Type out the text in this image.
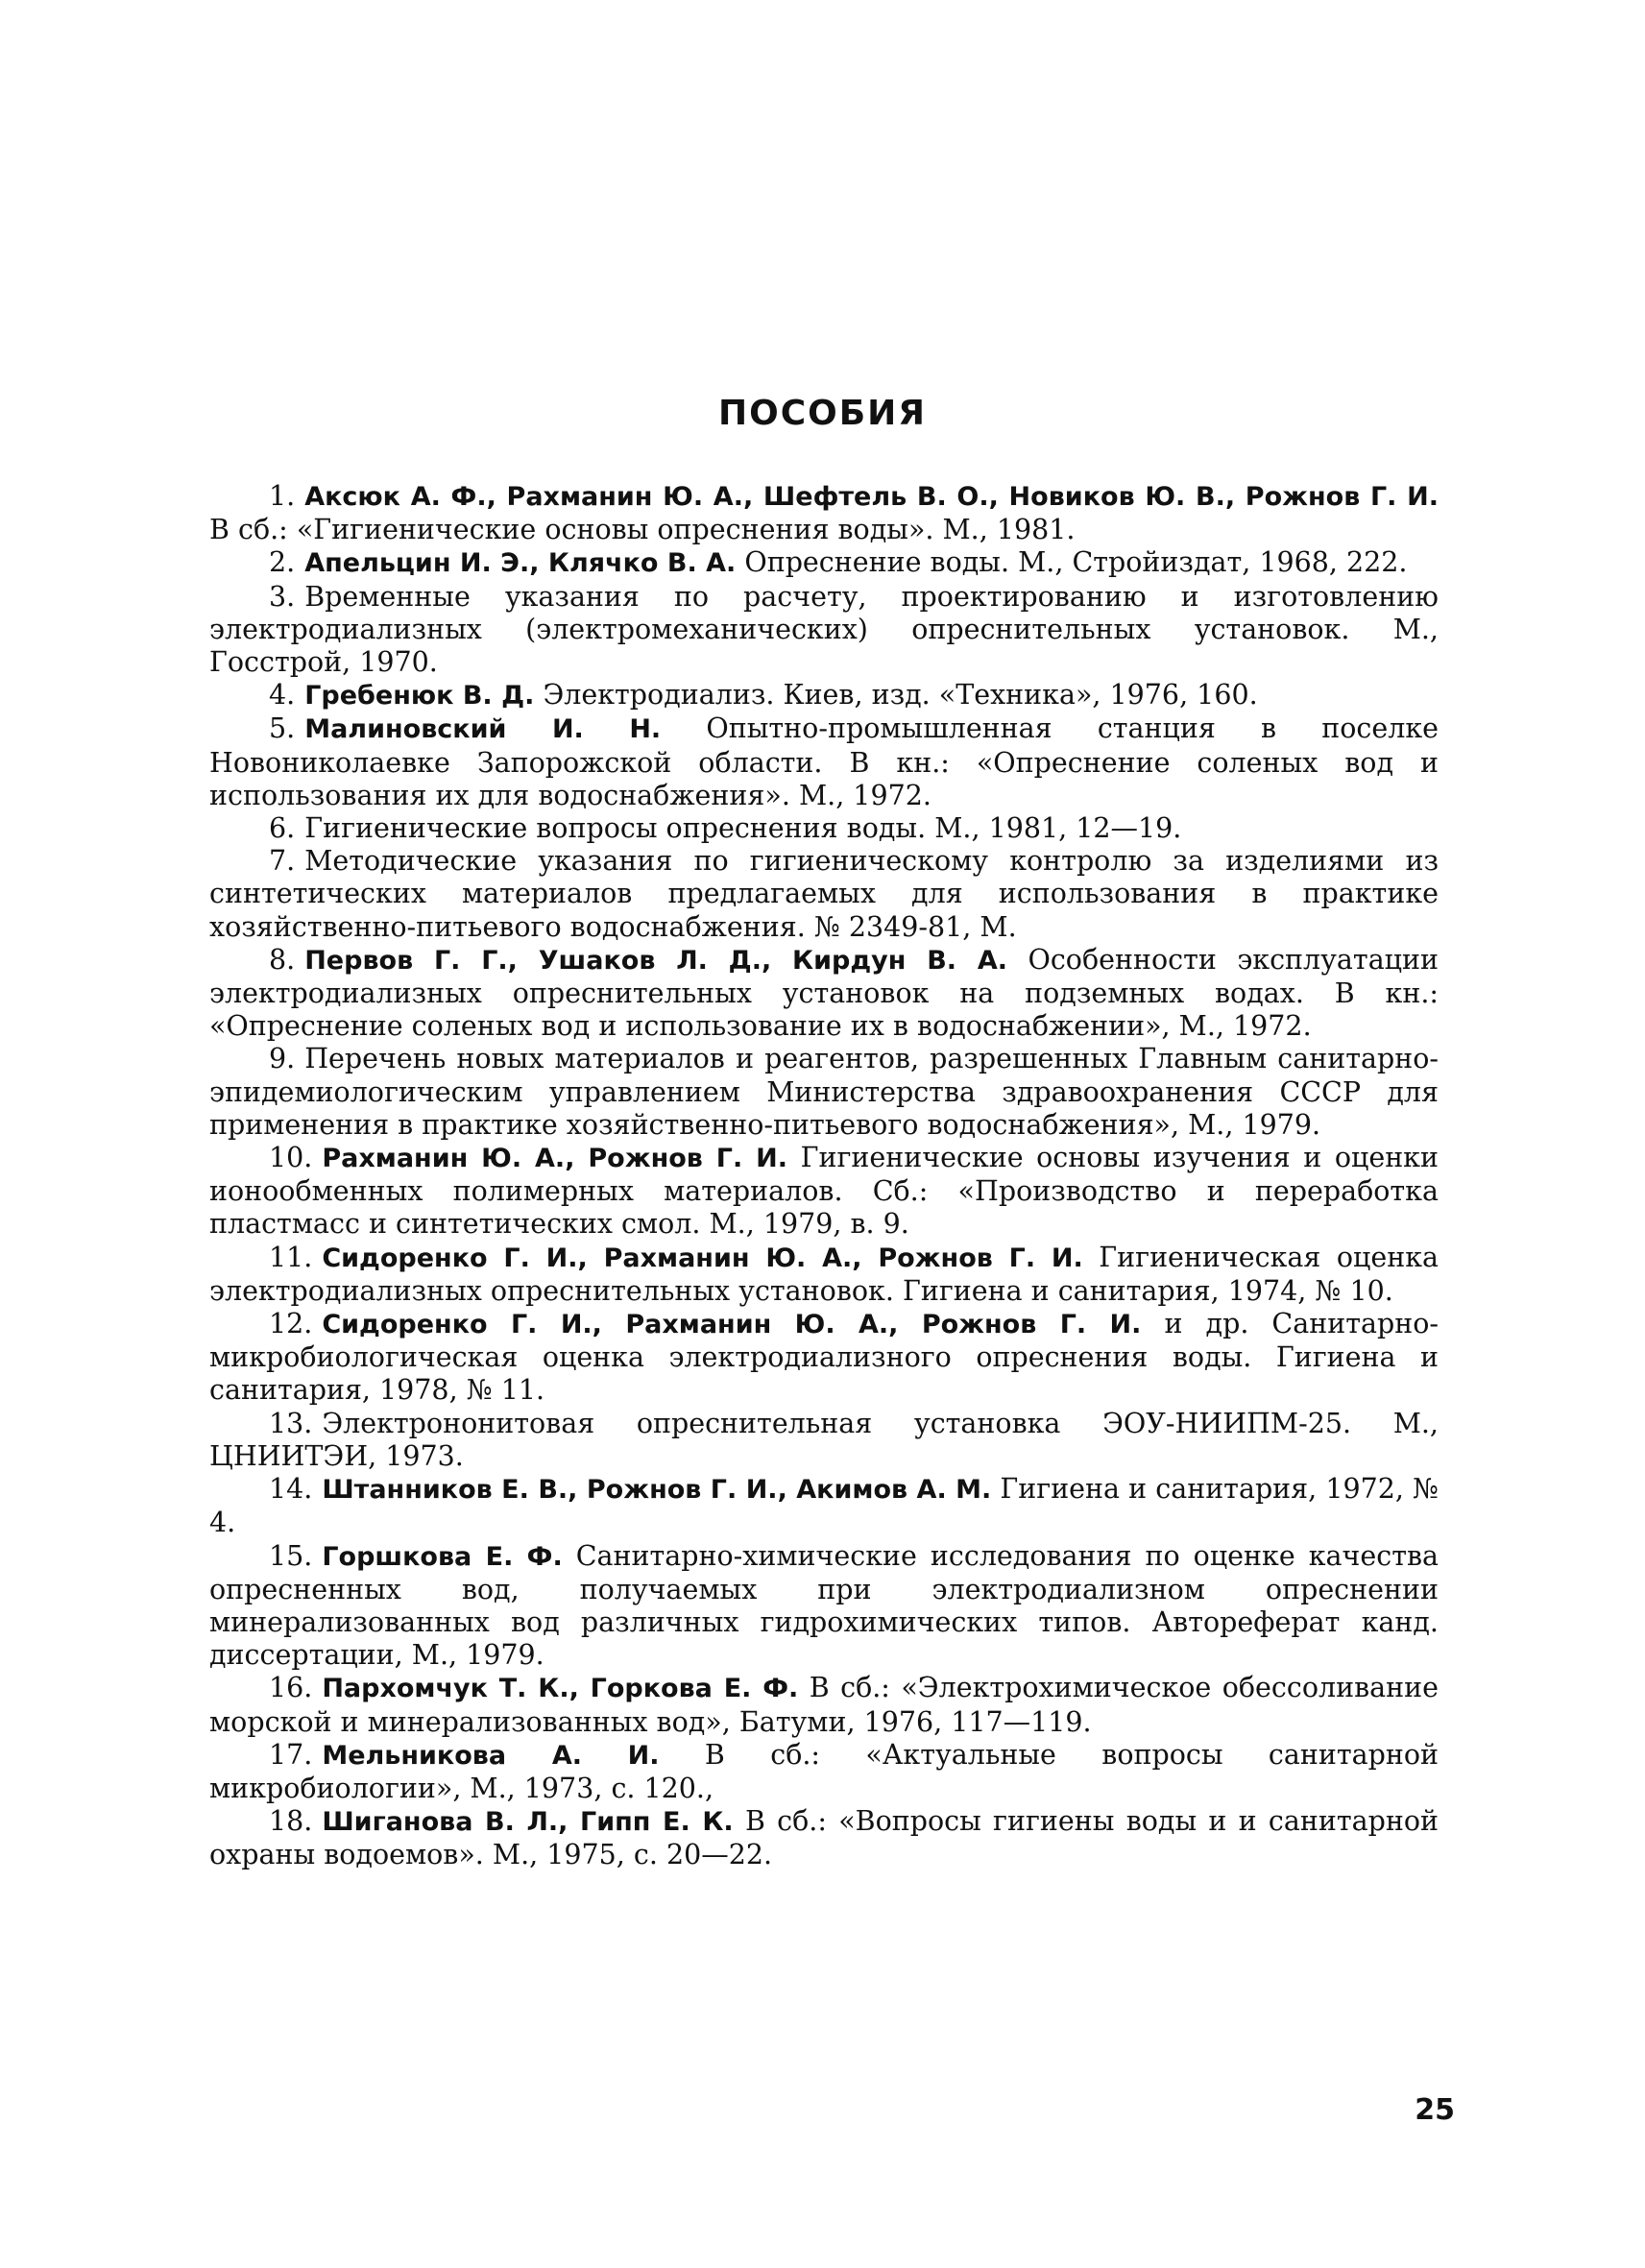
ПОСОБИЯ

1. Аксюк А. Ф., Рахманин Ю. А., Шефтель В. О., Новиков Ю. В., Рожнов Г. И. В сб.: «Гигиенические основы опреснения воды». М., 1981.

2. Апельцин И. Э., Клячко В. А. Опреснение воды. М., Стройиздат, 1968, 222.

3. Временные указания по расчету, проектированию и изготовлению электродиализных (электромеханических) опреснительных установок. М., Госстрой, 1970.

4. Гребенюк В. Д. Электродиализ. Киев, изд. «Техника», 1976, 160.

5. Малиновский И. Н. Опытно-промышленная станция в поселке Новониколаевке Запорожской области. В кн.: «Опреснение соленых вод и использования их для водоснабжения». М., 1972.

6. Гигиенические вопросы опреснения воды. М., 1981, 12—19.

7. Методические указания по гигиеническому контролю за изделиями из синтетических материалов предлагаемых для использования в практике хозяйственно-питьевого водоснабжения. № 2349-81, М.

8. Первов Г. Г., Ушаков Л. Д., Кирдун В. А. Особенности эксплуатации электродиализных опреснительных установок на подземных водах. В кн.: «Опреснение соленых вод и использование их в водоснабжении», М., 1972.

9. Перечень новых материалов и реагентов, разрешенных Главным санитарно-эпидемиологическим управлением Министерства здравоохранения СССР для применения в практике хозяйственно-питьевого водоснабжения», М., 1979.

10. Рахманин Ю. А., Рожнов Г. И. Гигиенические основы изучения и оценки ионообменных полимерных материалов. Сб.: «Производство и переработка пластмасс и синтетических смол. М., 1979, в. 9.

11. Сидоренко Г. И., Рахманин Ю. А., Рожнов Г. И. Гигиеническая оценка электродиализных опреснительных установок. Гигиена и санитария, 1974, № 10.

12. Сидоренко Г. И., Рахманин Ю. А., Рожнов Г. И. и др. Санитарно-микробиологическая оценка электродиализного опреснения воды. Гигиена и санитария, 1978, № 11.

13. Электрононитовая опреснительная установка ЭОУ-НИИПМ-25. М., ЦНИИТЭИ, 1973.

14. Штанников Е. В., Рожнов Г. И., Акимов А. М. Гигиена и санитария, 1972, № 4.

15. Горшкова Е. Ф. Санитарно-химические исследования по оценке качества опресненных вод, получаемых при электродиализном опреснении минерализованных вод различных гидрохимических типов. Автореферат канд. диссертации, М., 1979.

16. Пархомчук Т. К., Горкова Е. Ф. В сб.: «Электрохимическое обессоливание морской и минерализованных вод», Батуми, 1976, 117—119.

17. Мельникова А. И. В сб.: «Актуальные вопросы санитарной микробиологии», М., 1973, с. 120.,

18. Шиганова В. Л., Гипп Е. К. В сб.: «Вопросы гигиены воды и и санитарной охраны водоемов». М., 1975, с. 20—22.

25
